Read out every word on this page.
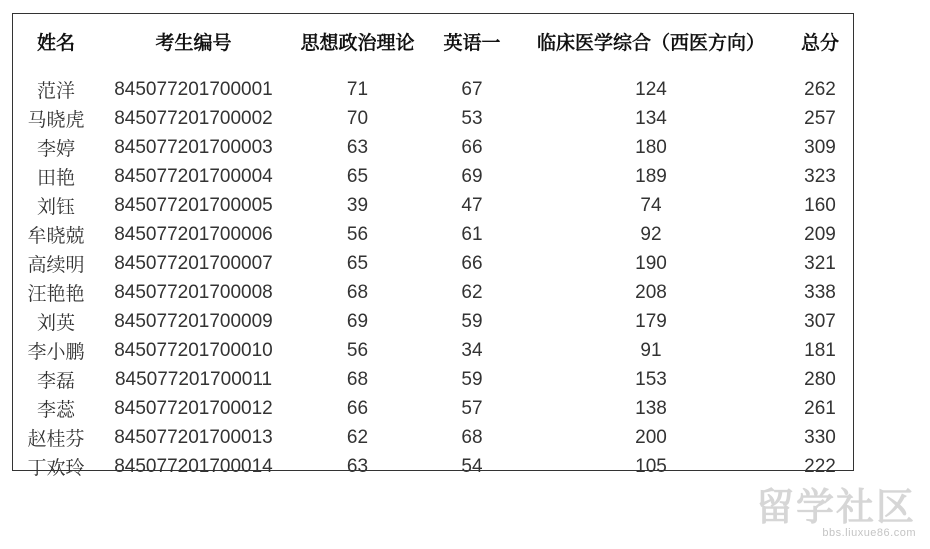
姓名	考生编号	思想政治理论	英语一	临床医学综合（西医方向）	总分
范洋	845077201700001	71	67	124	262
马晓虎	845077201700002	70	53	134	257
李婷	845077201700003	63	66	180	309
田艳	845077201700004	65	69	189	323
刘钰	845077201700005	39	47	74	160
牟晓兢	845077201700006	56	61	92	209
高续明	845077201700007	65	66	190	321
汪艳艳	845077201700008	68	62	208	338
刘英	845077201700009	69	59	179	307
李小鹏	845077201700010	56	34	91	181
李磊	845077201700011	68	59	153	280
李蕊	845077201700012	66	57	138	261
赵桂芬	845077201700013	62	68	200	330
丁欢玲	845077201700014	63	54	105	222
留学社区
bbs.liuxue86.com
